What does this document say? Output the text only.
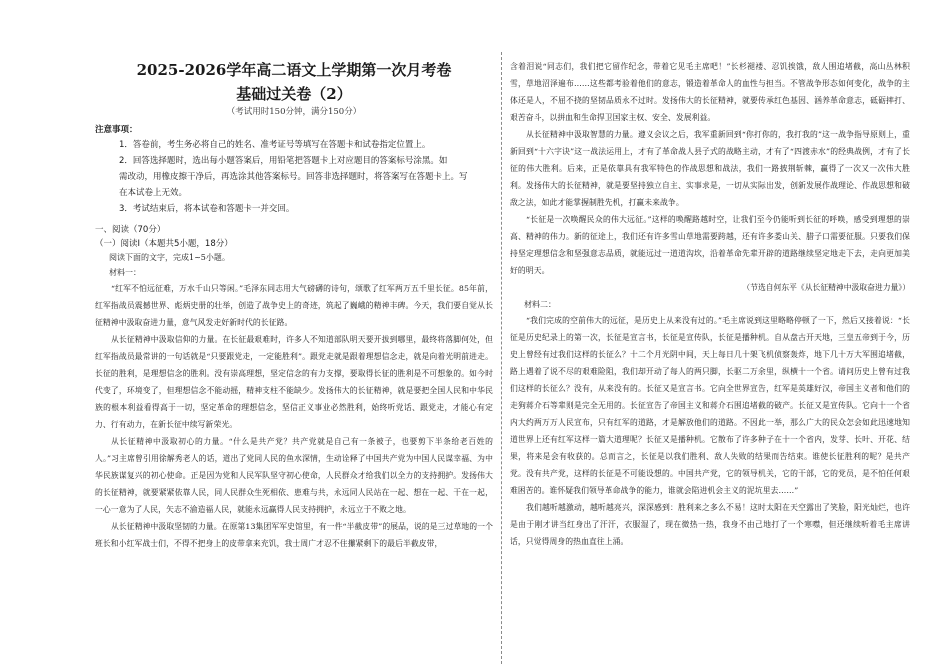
2025-2026学年高二语文上学期第一次月考卷
基础过关卷（2）
（考试用时150分钟，满分150分）
注意事项：
1．答卷前，考生务必将自己的姓名、准考证号等填写在答题卡和试卷指定位置上。
2．回答选择题时，选出每小题答案后，用铅笔把答题卡上对应题目的答案标号涂黑。如
需改动，用橡皮擦干净后，再选涂其他答案标号。回答非选择题时，将答案写在答题卡上。写
在本试卷上无效。
3．考试结束后，将本试卷和答题卡一并交回。
一、阅读（70分）
（一）阅读Ⅰ（本题共5小题，18分）
阅读下面的文字，完成1~5小题。
材料一：

“红军不怕远征难，万水千山只等闲。”毛泽东同志用大气磅礴的诗句，颂歌了红军两万五千里长征。85年前，红军指战员震撼世界、彪炳史册的壮举，创造了战争史上的奇迹，筑起了巍峨的精神丰碑。今天，我们要自觉从长征精神中汲取奋进力量，意气风发走好新时代的长征路。

从长征精神中汲取信仰的力量。在长征最艰难时，许多人不知道部队明天要开拔到哪里，最终将落脚何处，但红军指战员最常讲的一句话就是“只要跟党走，一定能胜利”。跟党走就是跟着理想信念走，就是向着光明前进走。长征的胜利，是理想信念的胜利。没有崇高理想，坚定信念的有力支撑，要取得长征的胜利是不可想象的。如今时代变了，环境变了，但理想信念不能动摇，精神支柱不能缺少。发扬伟大的长征精神，就是要把全国人民和中华民族的根本利益看得高于一切，坚定革命的理想信念，坚信正义事业必然胜利，始终听党话、跟党走，才能心有定力、行有动力，在新长征中续写新荣光。

从长征精神中汲取初心的力量。“什么是共产党？共产党就是自己有一条被子，也要剪下半条给老百姓的人。”习主席曾引用徐解秀老人的话，道出了党同人民的鱼水深情，生动诠释了中国共产党为中国人民谋幸福、为中华民族谋复兴的初心使命。正是因为党和人民军队坚守初心使命，人民群众才给我们以全力的支持拥护。发扬伟大的长征精神，就要紧紧依靠人民，同人民群众生死相依、患难与共，永远同人民站在一起、想在一起、干在一起，一心一意为了人民，矢志不渝造福人民，就能永远赢得人民支持拥护，永远立于不败之地。

从长征精神中汲取坚韧的力量。在原第13集团军军史馆里，有一件“半截皮带”的展品，说的是三过草地的一个班长和小红军战士们，不得不把身上的皮带拿来充饥，我士周广才忍不住攥紧剩下的最后半截皮带，

含着泪说“同志们，我们把它留作纪念，带着它见毛主席吧！”长杉褪褛、忍饥挨饿，敌人围追堵截，高山丛林积雪，草地沼泽遍布……这些都考验着他们的意志，锻造着革命人的血性与担当。不管战争形态如何变化，战争的主体还是人，不屈不挠的坚韧品质永不过时。发扬伟大的长征精神，就要传承红色基因、涵养革命意志，砥砺摔打、艰苦奋斗，以拼血和生命捍卫国家主权、安全、发展利益。

从长征精神中汲取智慧的力量。遵义会议之后，我军重新回到“你打你的，我打我的”这一战争指导原则上，重新回到“十六字诀”这一战法运用上，才有了革命战人县子式的战略主动，才有了“四渡赤水”的经典战例，才有了长征的伟大胜利。后来，正是依靠具有我军特色的作战思想和战法，我们一路披荆斩棘，赢得了一次又一次伟大胜利。发扬伟大的长征精神，就是要坚持独立自主、实事求是，一切从实际出发，创新发展作战理论、作战思想和破敌之法，如此才能掌握制胜先机，打赢未来战争。

“长征是一次唤醒民众的伟大远征。”这样的唤醒路越时空，让我们至今仍能听到长征的呼唤，感受到理想的崇高、精神的伟力。新的征途上，我们还有许多雪山草地需要跨越，还有许多娄山关、腊子口需要征服。只要我们保持坚定理想信念和坚强意志品质，就能远过一道道沟坎，沿着革命先辈开辟的道路继续坚定地走下去，走向更加美好的明天。

（节选自何东平《从长征精神中汲取奋进力量》）

材料二：

“我们完成的空前伟大的远征，是历史上从来没有过的。”毛主席说到这里略略停顿了一下，然后又接着说：“长征是历史纪录上的第一次，长征是宣言书，长征是宣传队，长征是播种机。自从盘古开天地，三皇五帝到于今，历史上曾经有过我们这样的长征么？十二个月光阴中间，天上每日几十架飞机侦察轰炸，地下几十万大军围追堵截，路上遇着了说不尽的艰难险阻，我们却开动了每人的两只脚，长驱二万余里，纵横十一个省。请问历史上曾有过我们这样的长征么？没有，从来没有的。长征又是宣言书。它向全世界宣告，红军是英雄好汉，帝国主义者和他们的走狗蒋介石等辈则是完全无用的。长征宣告了帝国主义和蒋介石围追堵截的破产。长征又是宣传队。它向十一个省内大约两万万人民宣布，只有红军的道路，才是解放他们的道路。不因此一举，那么广大的民众怎会如此迅速地知道世界上还有红军这样一篇大道理呢？长征又是播种机。它散布了许多种子在十一个省内，发芽、长叶、开花、结果，将来是会有收获的。总而言之，长征是以我们胜利、敌人失败的结果而告结束。谁使长征胜利的呢？是共产党。没有共产党，这样的长征是不可能设想的。中国共产党，它的领导机关，它的干部，它的党员，是不怕任何艰难困苦的。谁怀疑我们领导革命战争的能力，谁就会陷进机会主义的泥坑里去……”

我们越听越激动，越听越亮兴，深深感到：胜利来之多么不易！这时太阳在天空露出了笑脸，阳光灿烂，也许是由于刚才讲当红身出了汗汗，衣服湿了，现在微热一热，我身不由己地打了一个寒噤，但还继续听着毛主席讲话，只觉得周身的热血直往上涌。
